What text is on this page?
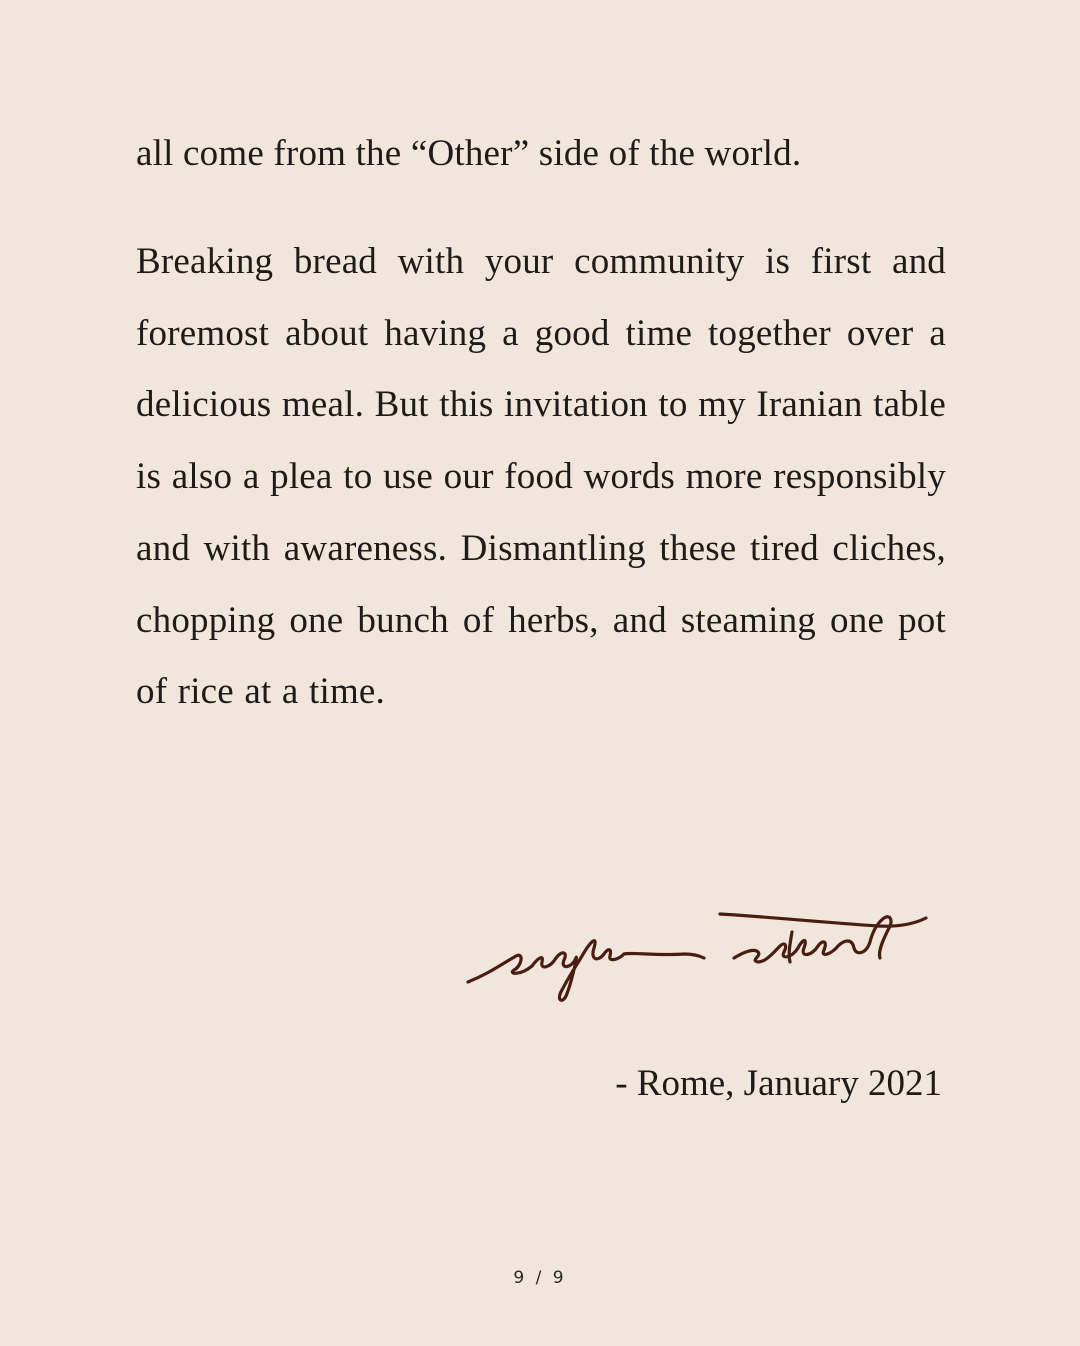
all come from the “Other” side of the world.

Breaking bread with your community is first and foremost about having a good time together over a delicious meal. But this invitation to my Iranian table is also a plea to use our food words more responsibly and with awareness. Dismantling these tired cliches, chopping one bunch of herbs, and steaming one pot of rice at a time.

- Rome, January 2021

9 / 9
